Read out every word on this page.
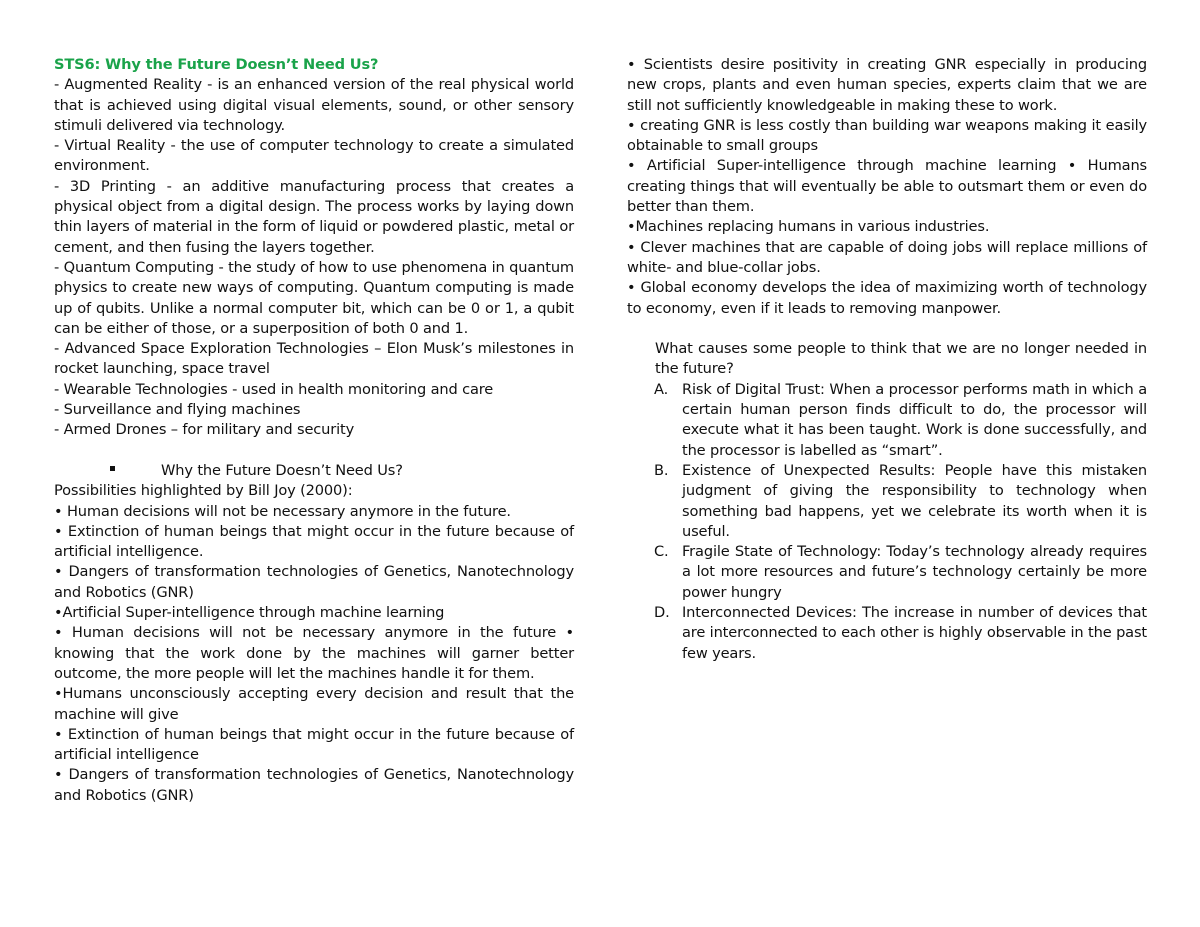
STS6: Why the Future Doesn’t Need Us?

- Augmented Reality - is an enhanced version of the real physical world that is achieved using digital visual elements, sound, or other sensory stimuli delivered via technology.

- Virtual Reality - the use of computer technology to create a simulated environment.

- 3D Printing - an additive manufacturing process that creates a physical object from a digital design. The process works by laying down thin layers of material in the form of liquid or powdered plastic, metal or cement, and then fusing the layers together.

- Quantum Computing - the study of how to use phenomena in quantum physics to create new ways of computing. Quantum computing is made up of qubits. Unlike a normal computer bit, which can be 0 or 1, a qubit can be either of those, or a superposition of both 0 and 1.

- Advanced Space Exploration Technologies – Elon Musk’s milestones in rocket launching, space travel

- Wearable Technologies - used in health monitoring and care

- Surveillance and flying machines

- Armed Drones – for military and security

Why the Future Doesn’t Need Us?

Possibilities highlighted by Bill Joy (2000):

• Human decisions will not be necessary anymore in the future.

• Extinction of human beings that might occur in the future because of artificial intelligence.

• Dangers of transformation technologies of Genetics, Nanotechnology and Robotics (GNR)

•Artificial Super-intelligence through machine learning

• Human decisions will not be necessary anymore in the future • knowing that the work done by the machines will garner better outcome, the more people will let the machines handle it for them.

•Humans unconsciously accepting every decision and result that the machine will give

• Extinction of human beings that might occur in the future because of artificial intelligence

• Dangers of transformation technologies of Genetics, Nanotechnology and Robotics (GNR)

• Scientists desire positivity in creating GNR especially in producing new crops, plants and even human species, experts claim that we are still not sufficiently knowledgeable in making these to work.

• creating GNR is less costly than building war weapons making it easily obtainable to small groups

• Artificial Super-intelligence through machine learning • Humans creating things that will eventually be able to outsmart them or even do better than them.

•Machines replacing humans in various industries.

• Clever machines that are capable of doing jobs will replace millions of white- and blue-collar jobs.

• Global economy develops the idea of maximizing worth of technology to economy, even if it leads to removing manpower.

What causes some people to think that we are no longer needed in the future?

A. Risk of Digital Trust: When a processor performs math in which a certain human person finds difficult to do, the processor will execute what it has been taught. Work is done successfully, and the processor is labelled as “smart”.
B. Existence of Unexpected Results: People have this mistaken judgment of giving the responsibility to technology when something bad happens, yet we celebrate its worth when it is useful.
C. Fragile State of Technology: Today’s technology already requires a lot more resources and future’s technology certainly be more power hungry
D. Interconnected Devices: The increase in number of devices that are interconnected to each other is highly observable in the past few years.
